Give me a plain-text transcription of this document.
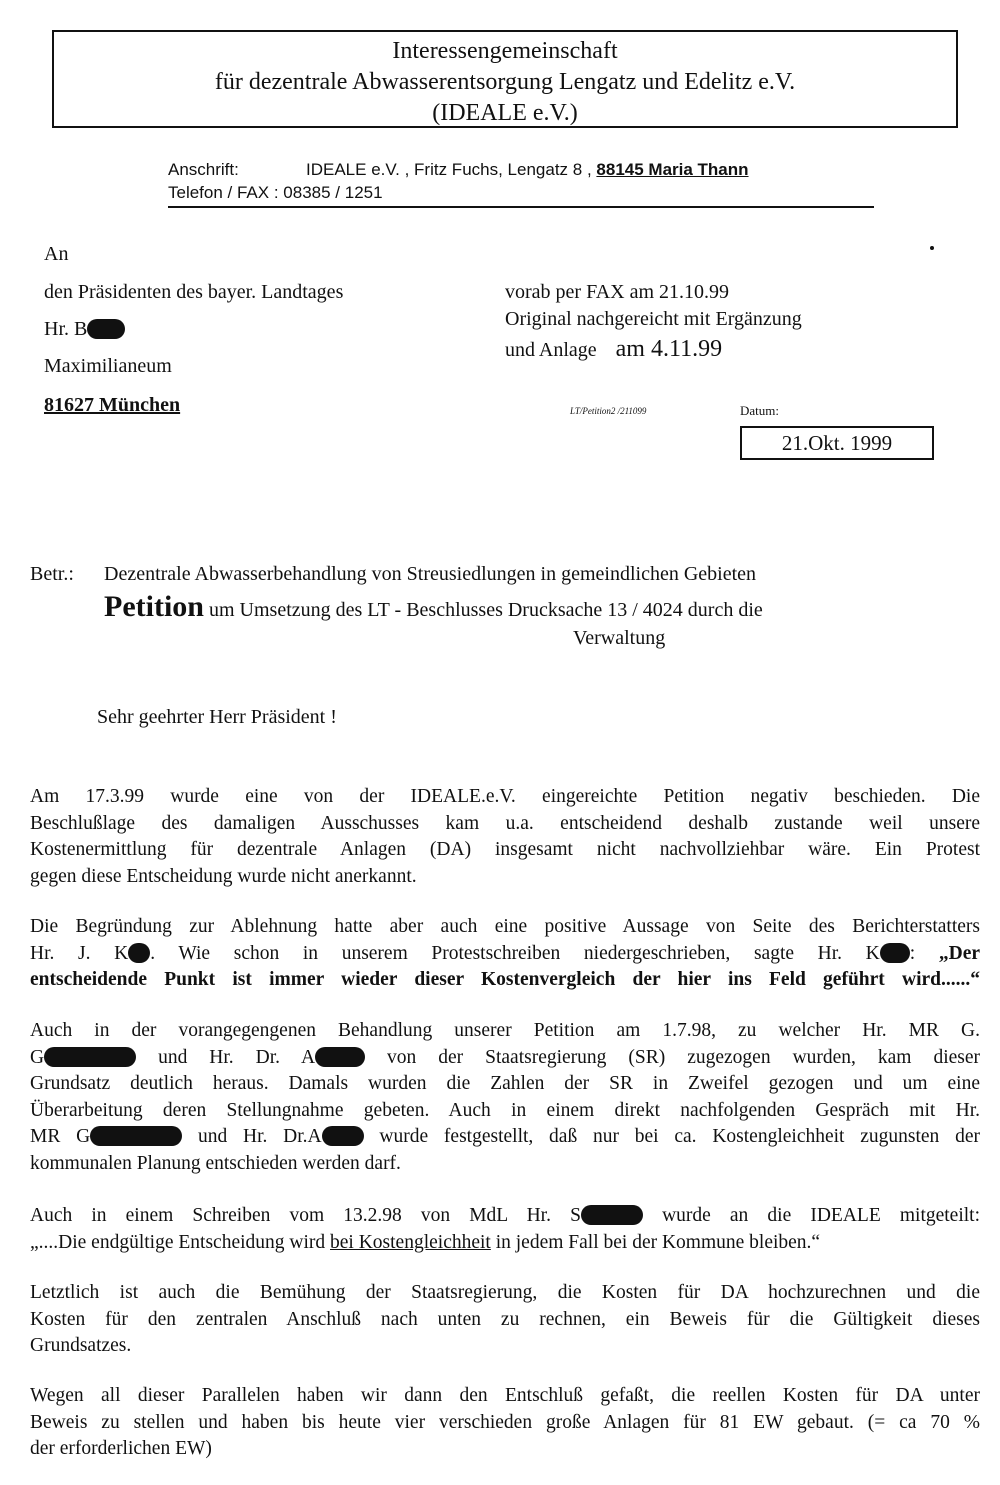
Interessengemeinschaft
für dezentrale Abwasserentsorgung Lengatz und Edelitz e.V.
(IDEALE e.V.)
Anschrift:	IDEALE e.V. , Fritz Fuchs, Lengatz 8 , 88145 Maria Thann
Telefon / FAX : 08385 / 1251
An
den Präsidenten des bayer. Landtages
Hr. B
Maximilianeum
81627 München
vorab per FAX am 21.10.99
Original nachgereicht mit Ergänzung
und Anlage am 4.11.99
LT/Petition2 /211099	Datum:
21.Okt. 1999
Betr.: Dezentrale Abwasserbehandlung von Streusiedlungen in gemeindlichen Gebieten
Petition um Umsetzung des LT - Beschlusses Drucksache 13 / 4024 durch die
Verwaltung
Sehr geehrter Herr Präsident !
Am 17.3.99 wurde eine von der IDEALE.e.V. eingereichte Petition negativ beschieden. Die
Beschlußlage des damaligen Ausschusses kam u.a. entscheidend deshalb zustande weil unsere
Kostenermittlung für dezentrale Anlagen (DA) insgesamt nicht nachvollziehbar wäre. Ein Protest
gegen diese Entscheidung wurde nicht anerkannt.
Die Begründung zur Ablehnung hatte aber auch eine positive Aussage von Seite des Berichterstatters
Hr. J. K . Wie schon in unserem Protestschreiben niedergeschrieben, sagte Hr. K : „Der
entscheidende Punkt ist immer wieder dieser Kostenvergleich der hier ins Feld geführt wird......“
Auch in der vorangegengenen Behandlung unserer Petition am 1.7.98, zu welcher Hr. MR G.
G	und Hr. Dr. A	von der Staatsregierung (SR) zugezogen wurden, kam dieser
Grundsatz deutlich heraus. Damals wurden die Zahlen der SR in Zweifel gezogen und um eine
Überarbeitung deren Stellungnahme gebeten. Auch in einem direkt nachfolgenden Gespräch mit Hr.
MR G	und Hr. Dr.A	wurde festgestellt, daß nur bei ca. Kostengleichheit zugunsten der
kommunalen Planung entschieden werden darf.
Auch in einem Schreiben vom 13.2.98 von MdL Hr. S	wurde an die IDEALE mitgeteilt:
„....Die endgültige Entscheidung wird bei Kostengleichheit in jedem Fall bei der Kommune bleiben.“
Letztlich ist auch die Bemühung der Staatsregierung, die Kosten für DA hochzurechnen und die
Kosten für den zentralen Anschluß nach unten zu rechnen, ein Beweis für die Gültigkeit dieses
Grundsatzes.
Wegen all dieser Parallelen haben wir dann den Entschluß gefaßt, die reellen Kosten für DA unter
Beweis zu stellen und haben bis heute vier verschieden große Anlagen für 81 EW gebaut. (= ca 70 %
der erforderlichen EW)
